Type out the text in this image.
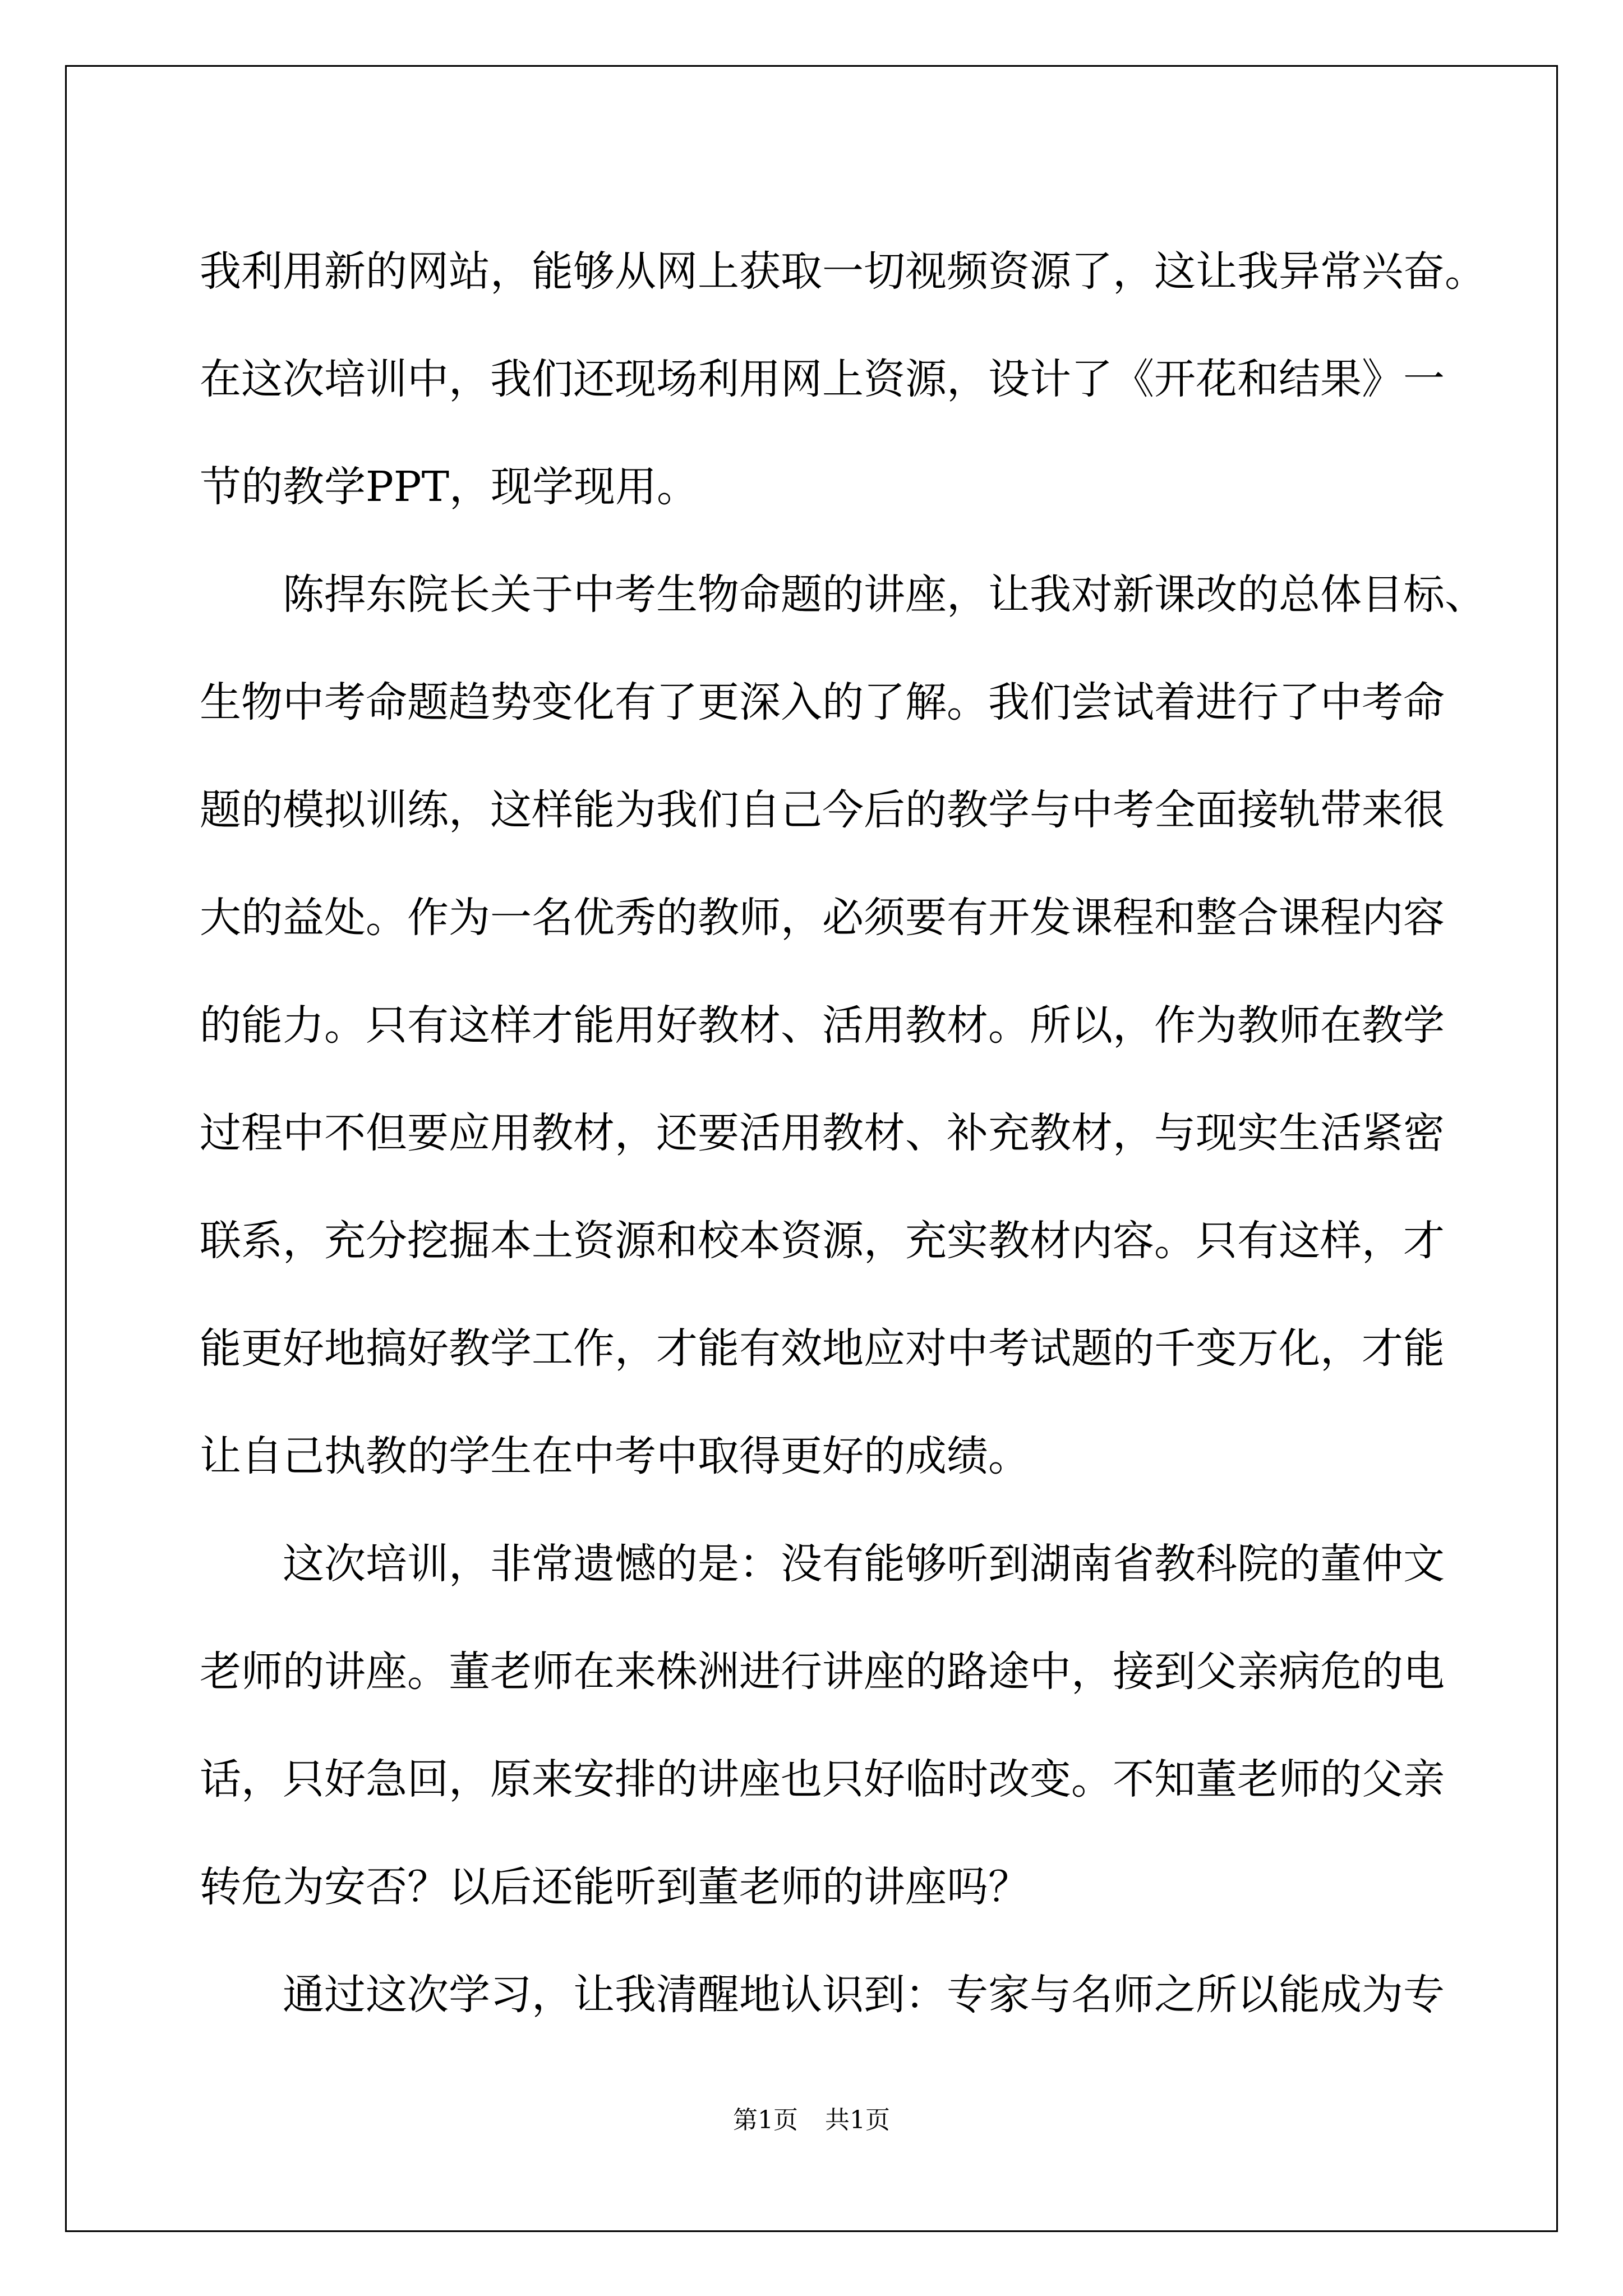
我利用新的网站，能够从网上获取一切视频资源了，这让我异常兴奋。
在这次培训中，我们还现场利用网上资源，设计了《开花和结果》一
节的教学PPT，现学现用。
陈捍东院长关于中考生物命题的讲座，让我对新课改的总体目标、
生物中考命题趋势变化有了更深入的了解。我们尝试着进行了中考命
题的模拟训练，这样能为我们自己今后的教学与中考全面接轨带来很
大的益处。作为一名优秀的教师，必须要有开发课程和整合课程内容
的能力。只有这样才能用好教材、活用教材。所以，作为教师在教学
过程中不但要应用教材，还要活用教材、补充教材，与现实生活紧密
联系，充分挖掘本土资源和校本资源，充实教材内容。只有这样，才
能更好地搞好教学工作，才能有效地应对中考试题的千变万化，才能
让自己执教的学生在中考中取得更好的成绩。
这次培训，非常遗憾的是：没有能够听到湖南省教科院的董仲文
老师的讲座。董老师在来株洲进行讲座的路途中，接到父亲病危的电
话，只好急回，原来安排的讲座也只好临时改变。不知董老师的父亲
转危为安否？以后还能听到董老师的讲座吗？
通过这次学习，让我清醒地认识到：专家与名师之所以能成为专
第1页 共1页
